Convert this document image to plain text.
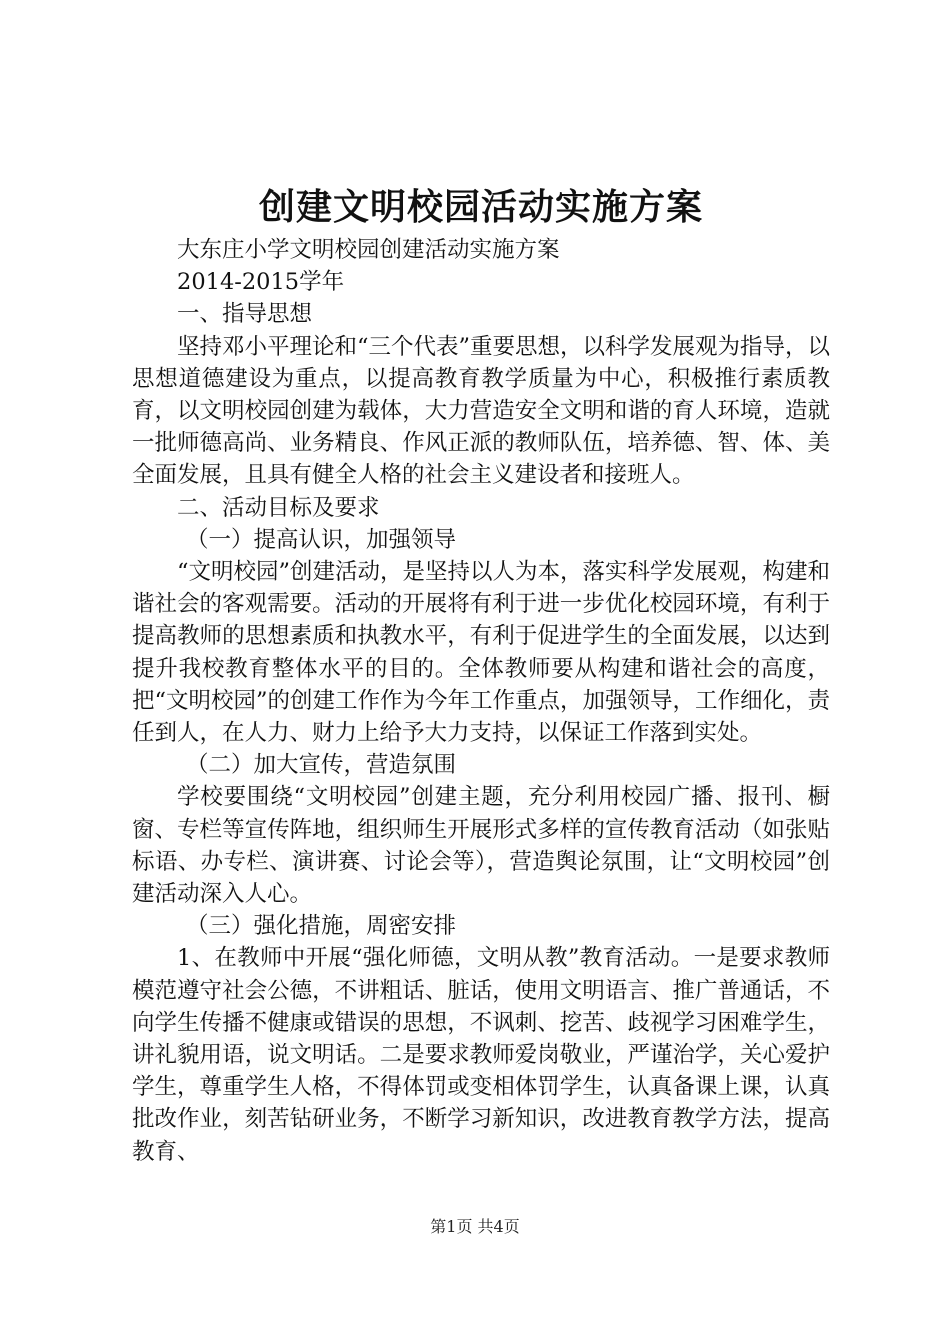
创建文明校园活动实施方案

大东庄小学文明校园创建活动实施方案

2014-2015学年

一、指导思想

坚持邓小平理论和“三个代表”重要思想，以科学发展观为指导，以思想道德建设为重点，以提高教育教学质量为中心，积极推行素质教育，以文明校园创建为载体，大力营造安全文明和谐的育人环境，造就一批师德高尚、业务精良、作风正派的教师队伍，培养德、智、体、美全面发展，且具有健全人格的社会主义建设者和接班人。

二、活动目标及要求

（一）提高认识，加强领导

“文明校园”创建活动，是坚持以人为本，落实科学发展观，构建和谐社会的客观需要。活动的开展将有利于进一步优化校园环境，有利于提高教师的思想素质和执教水平，有利于促进学生的全面发展，以达到提升我校教育整体水平的目的。全体教师要从构建和谐社会的高度，把“文明校园”的创建工作作为今年工作重点，加强领导，工作细化，责任到人，在人力、财力上给予大力支持，以保证工作落到实处。

（二）加大宣传，营造氛围

学校要围绕“文明校园”创建主题，充分利用校园广播、报刊、橱窗、专栏等宣传阵地，组织师生开展形式多样的宣传教育活动（如张贴标语、办专栏、演讲赛、讨论会等），营造舆论氛围，让“文明校园”创建活动深入人心。

（三）强化措施，周密安排

1、在教师中开展“强化师德，文明从教”教育活动。一是要求教师模范遵守社会公德，不讲粗话、脏话，使用文明语言、推广普通话，不向学生传播不健康或错误的思想，不讽刺、挖苦、歧视学习困难学生，讲礼貌用语，说文明话。二是要求教师爱岗敬业，严谨治学，关心爱护学生，尊重学生人格，不得体罚或变相体罚学生，认真备课上课，认真批改作业，刻苦钻研业务，不断学习新知识，改进教育教学方法，提高教育、

第1页 共4页
